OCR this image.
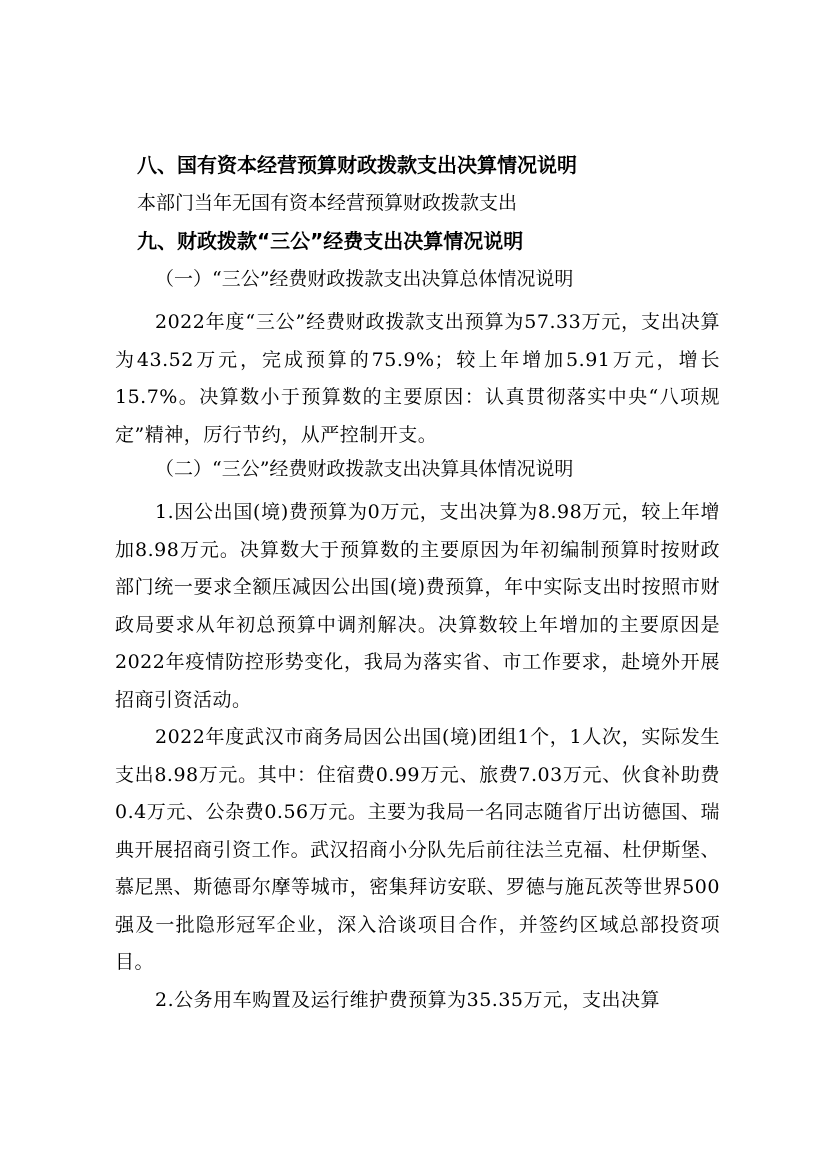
八、国有资本经营预算财政拨款支出决算情况说明
本部门当年无国有资本经营预算财政拨款支出
九、财政拨款“三公”经费支出决算情况说明
（一）“三公”经费财政拨款支出决算总体情况说明

2022年度“三公”经费财政拨款支出预算为57.33万元，支出决算为43.52万元，完成预算的75.9%；较上年增加5.91万元，增长15.7%。决算数小于预算数的主要原因：认真贯彻落实中央“八项规定”精神，厉行节约，从严控制开支。

（二）“三公”经费财政拨款支出决算具体情况说明

1.因公出国(境)费预算为0万元，支出决算为8.98万元，较上年增加8.98万元。决算数大于预算数的主要原因为年初编制预算时按财政部门统一要求全额压减因公出国(境)费预算，年中实际支出时按照市财政局要求从年初总预算中调剂解决。决算数较上年增加的主要原因是2022年疫情防控形势变化，我局为落实省、市工作要求，赴境外开展招商引资活动。

2022年度武汉市商务局因公出国(境)团组1个，1人次，实际发生支出8.98万元。其中：住宿费0.99万元、旅费7.03万元、伙食补助费0.4万元、公杂费0.56万元。主要为我局一名同志随省厅出访德国、瑞典开展招商引资工作。武汉招商小分队先后前往法兰克福、杜伊斯堡、慕尼黑、斯德哥尔摩等城市，密集拜访安联、罗德与施瓦茨等世界500强及一批隐形冠军企业，深入洽谈项目合作，并签约区域总部投资项目。

2.公务用车购置及运行维护费预算为35.35万元，支出决算
